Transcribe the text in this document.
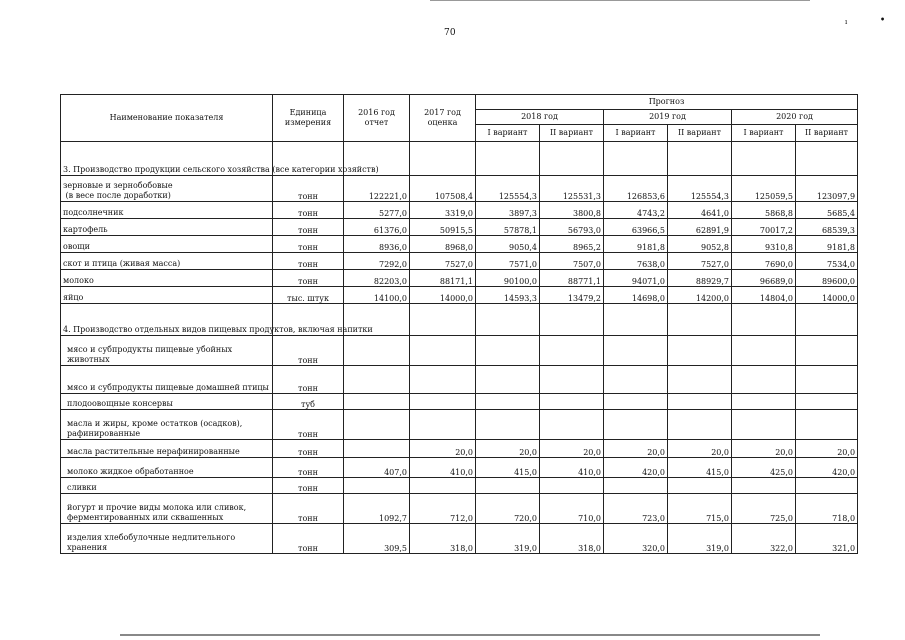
70
ı	•
Наименование показателя	Единица измерения	2016 год отчет	2017 год оценка	Прогноз					
				2018 год		2019 год		2020 год	
				I вариант	II вариант	I вариант	II вариант	I вариант	II вариант
3. Производство продукции сельского хозяйства (все категории хозяйств)									
зерновые и зернобобовые
(в весе после доработки)	тонн	122221,0	107508,4	125554,3	125531,3	126853,6	125554,3	125059,5	123097,9
подсолнечник	тонн	5277,0	3319,0	3897,3	3800,8	4743,2	4641,0	5868,8	5685,4
картофель	тонн	61376,0	50915,5	57878,1	56793,0	63966,5	62891,9	70017,2	68539,3
овощи	тонн	8936,0	8968,0	9050,4	8965,2	9181,8	9052,8	9310,8	9181,8
скот и птица (живая масса)	тонн	7292,0	7527,0	7571,0	7507,0	7638,0	7527,0	7690,0	7534,0
молоко	тонн	82203,0	88171,1	90100,0	88771,1	94071,0	88929,7	96689,0	89600,0
яйцо	тыс. штук	14100,0	14000,0	14593,3	13479,2	14698,0	14200,0	14804,0	14000,0
4. Производство отдельных видов пищевых продуктов, включая напитки									
мясо и субпродукты пищевые убойных животных	тонн								
мясо и субпродукты пищевые домашней птицы	тонн								
плодоовощные консервы	туб								
масла и жиры, кроме остатков (осадков), рафинированные	тонн								
масла растительные нерафинированные	тонн		20,0	20,0	20,0	20,0	20,0	20,0	20,0
молоко жидкое обработанное	тонн	407,0	410,0	415,0	410,0	420,0	415,0	425,0	420,0
сливки	тонн								
йогурт и прочие виды молока или сливок, ферментированных или сквашенных	тонн	1092,7	712,0	720,0	710,0	723,0	715,0	725,0	718,0
изделия хлебобулочные недлительного хранения	тонн	309,5	318,0	319,0	318,0	320,0	319,0	322,0	321,0
